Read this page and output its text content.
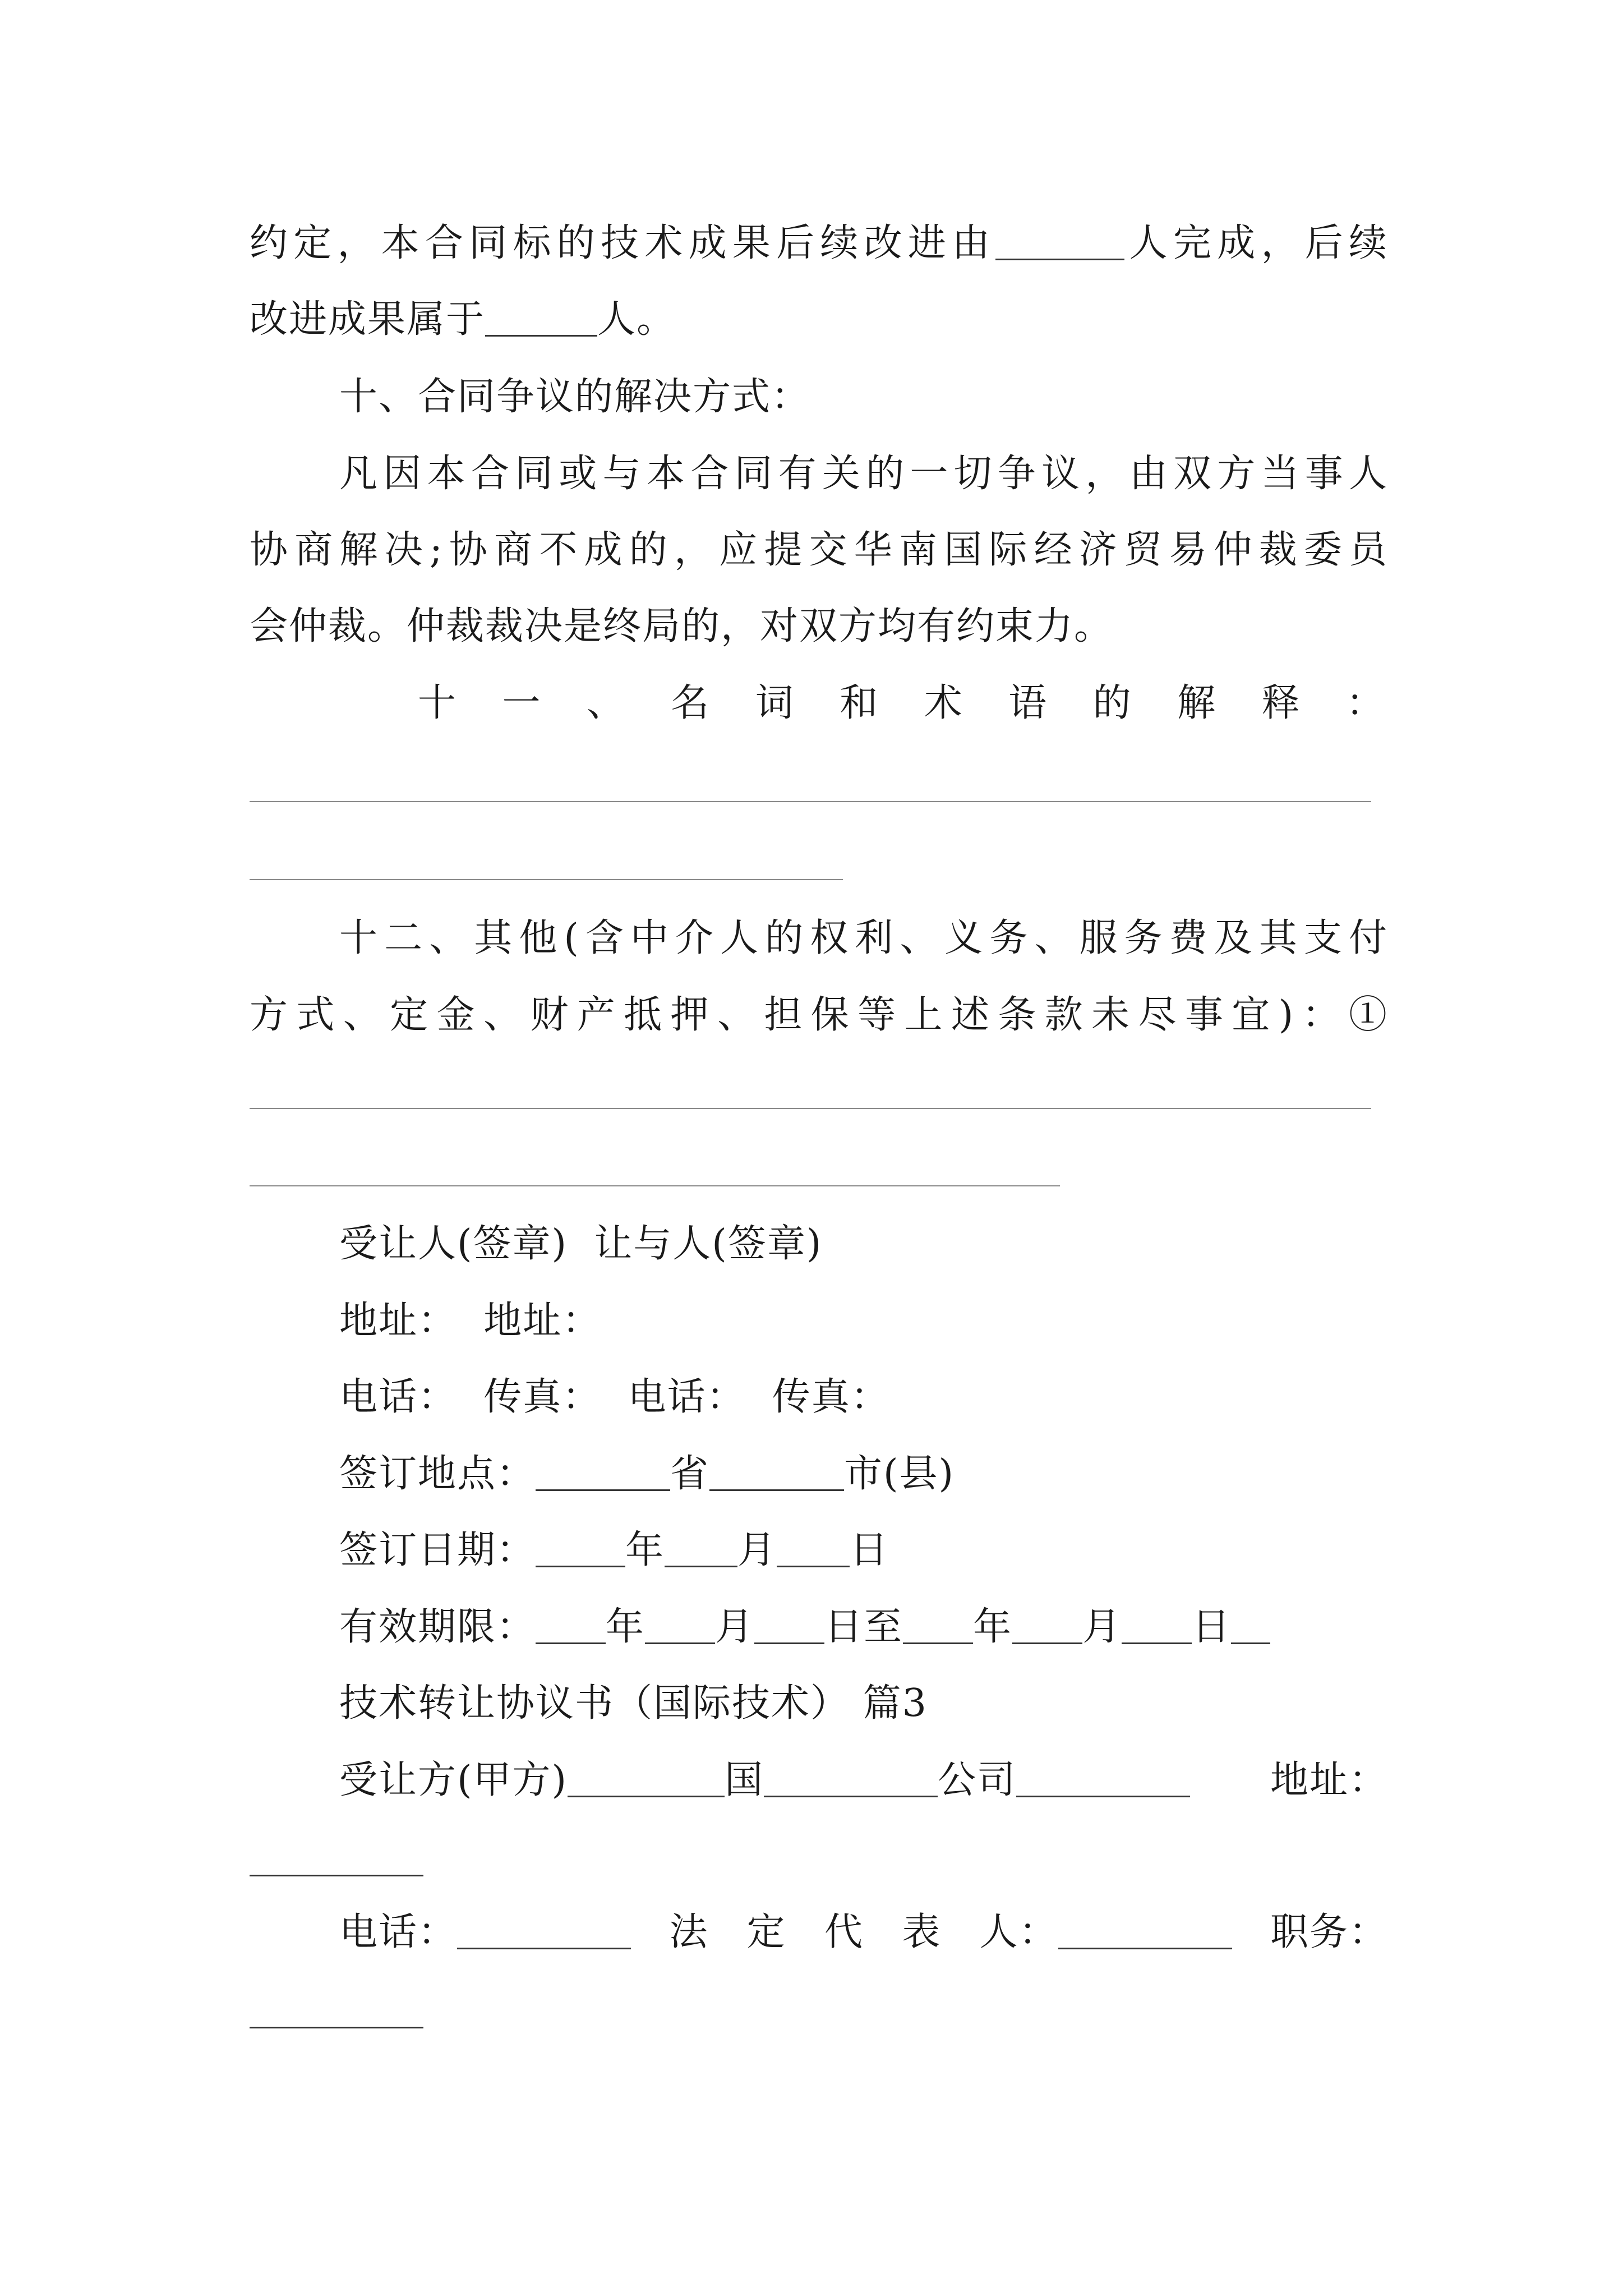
约定，本合同标的技术成果后续改进由	人完成，后续
改进成果属于	人。
十、合同争议的解决方式：
凡因本合同或与本合同有关的一切争议，由双方当事人
协商解决;协商不成的，应提交华南国际经济贸易仲裁委员
会仲裁。仲裁裁决是终局的，对双方均有约束力。
十 一 、 名 词 和 术 语 的 解 释 ：
十二、其他(含中介人的权利、义务、服务费及其支付
方式、定金、财产抵押、担保等上述条款未尽事宜)：①
受让人(签章)  让与人(签章)
地址：  地址：
电话：  传真：  电话：  传真：
签订地点：	省	市(县)
签订日期： 年 月 日
有效期限： 年 月 日至 年 月 日
技术转让协议书（国际技术） 篇3
受让方(甲方)	国	公司	地址：
电话：	法 定 代 表 人：	职务：
